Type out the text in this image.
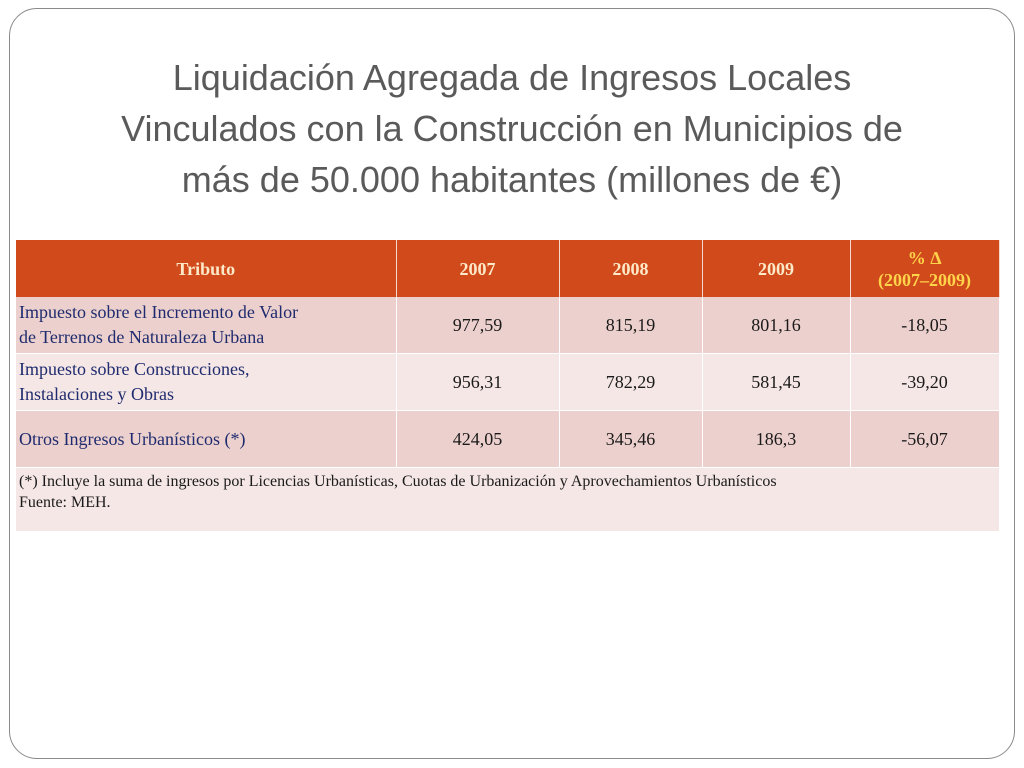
Liquidación Agregada de Ingresos Locales
Vinculados con la Construcción en Municipios de
más de 50.000 habitantes (millones de €)
Tributo	2007	2008	2009	% ∆
(2007–2009)

Impuesto sobre el Incremento de Valor
de Terrenos de Naturaleza Urbana	977,59	815,19	801,16	-18,05

Impuesto sobre Construcciones,
Instalaciones y Obras	956,31	782,29	581,45	-39,20

Otros Ingresos Urbanísticos (*)	424,05	345,46	186,3	-56,07

(*) Incluye la suma de ingresos por Licencias Urbanísticas, Cuotas de Urbanización y Aprovechamientos Urbanísticos
Fuente: MEH.				
